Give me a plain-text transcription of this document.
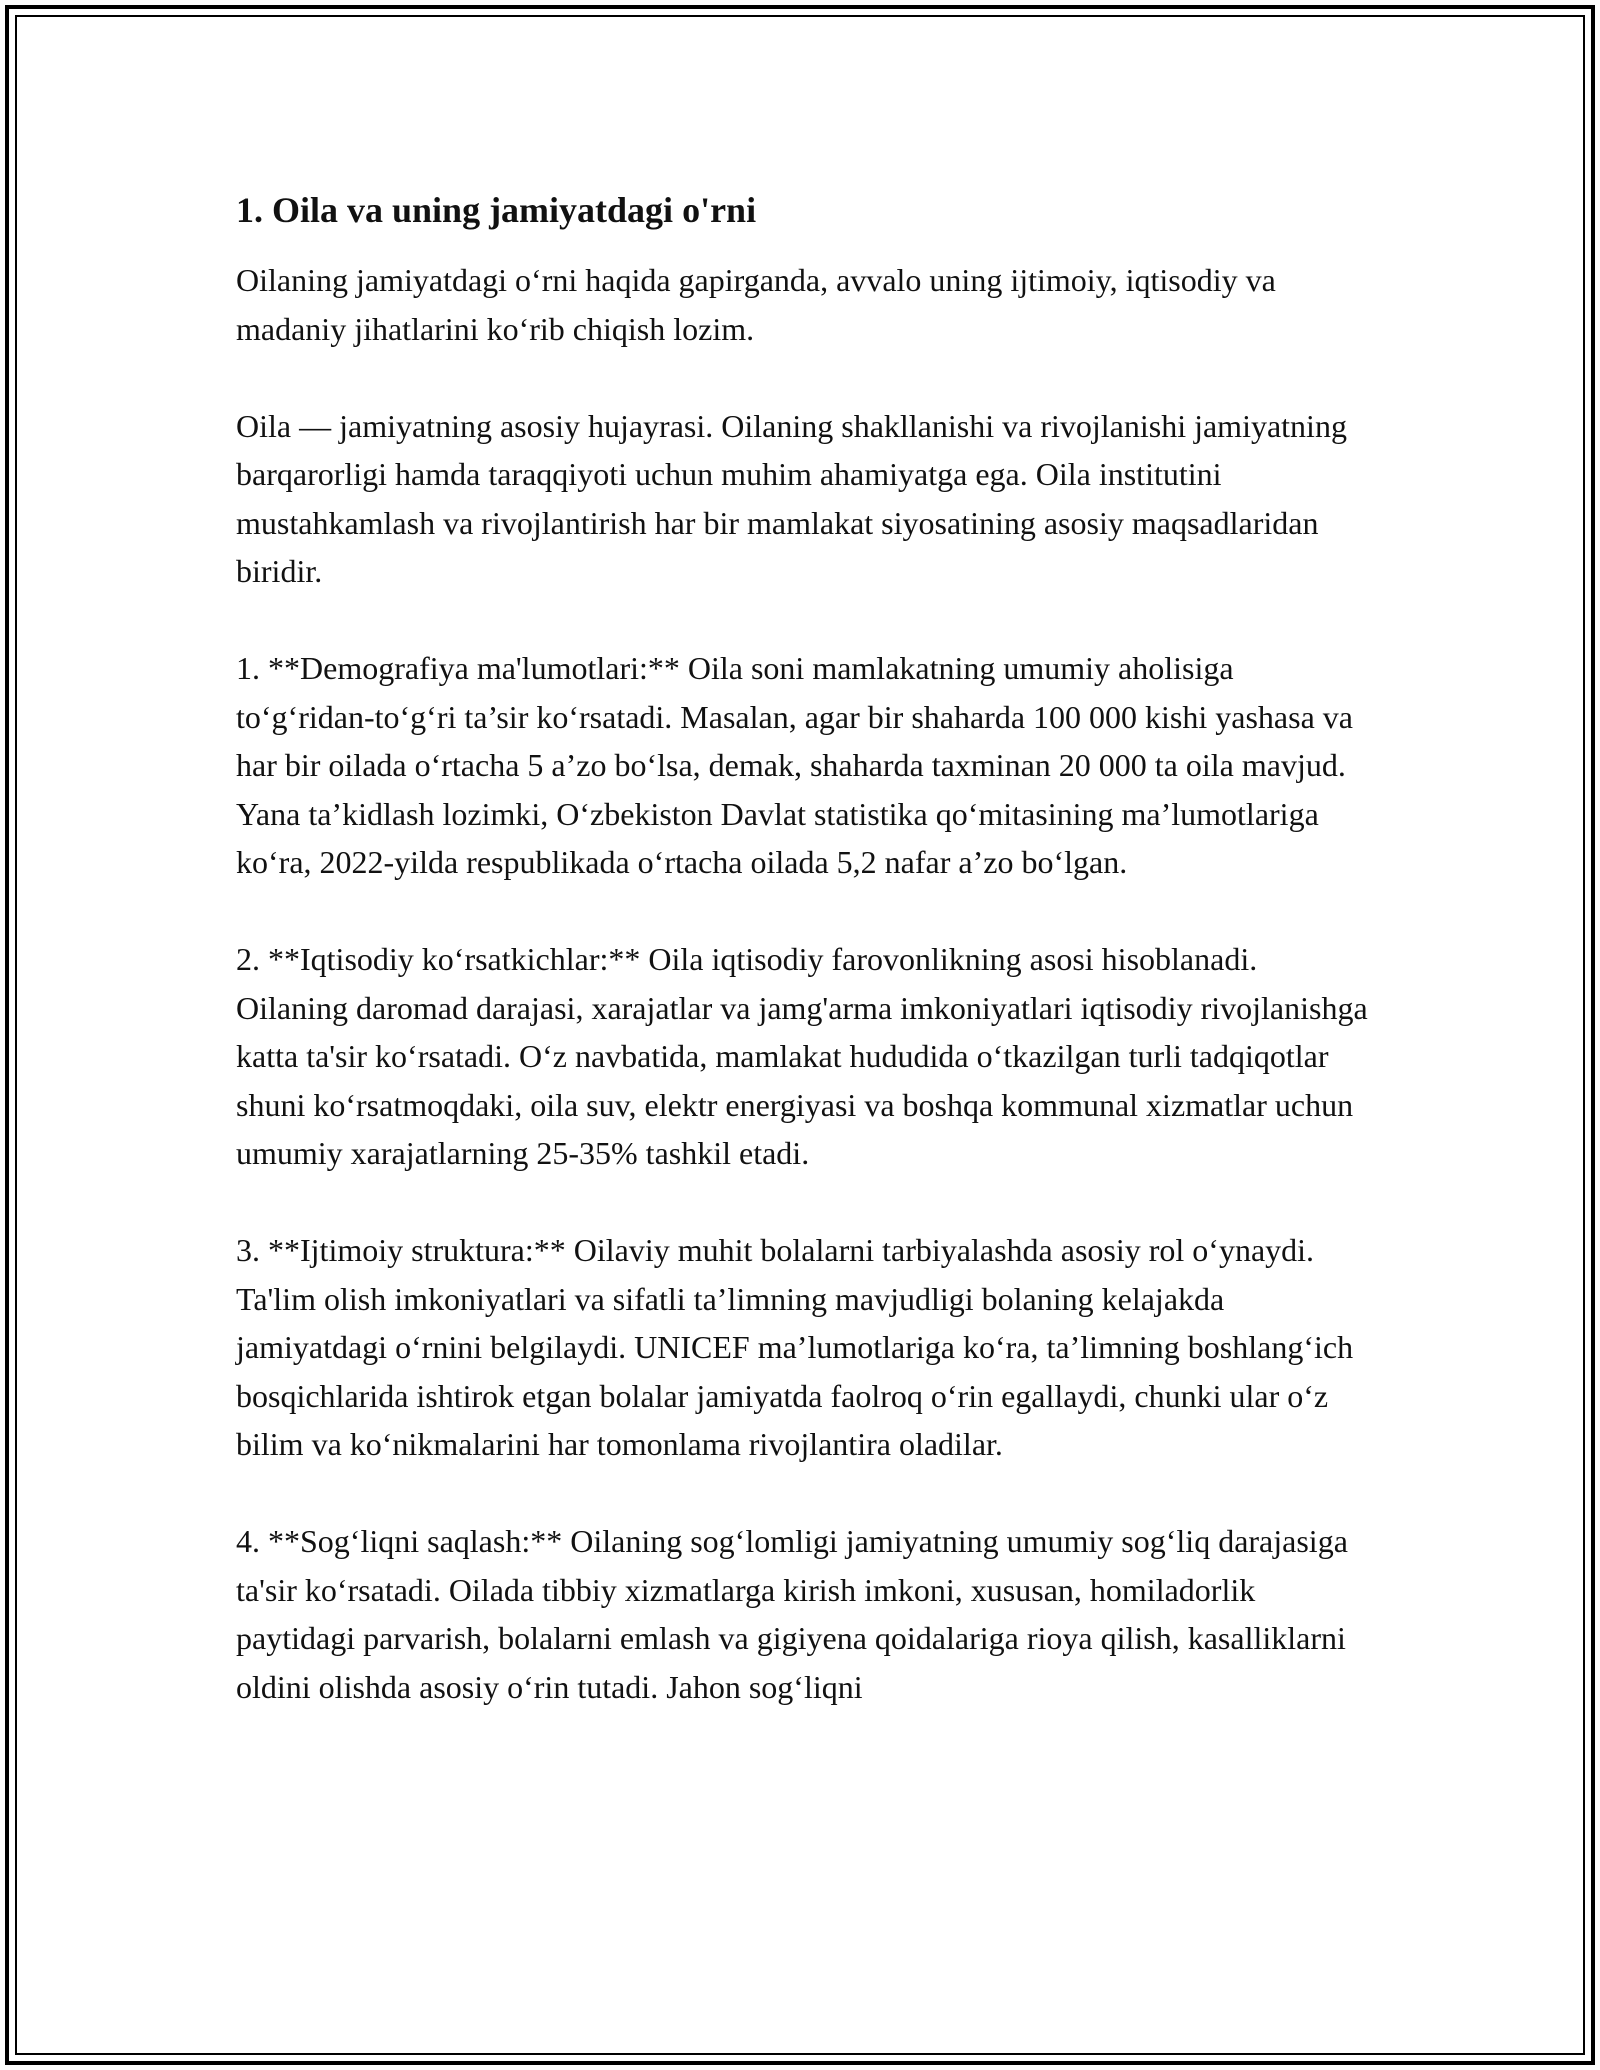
1. Oila va uning jamiyatdagi o'rni

Oilaning jamiyatdagi o‘rni haqida gapirganda, avvalo uning ijtimoiy, iqtisodiy va madaniy jihatlarini ko‘rib chiqish lozim.

Oila — jamiyatning asosiy hujayrasi. Oilaning shakllanishi va rivojlanishi jamiyatning barqarorligi hamda taraqqiyoti uchun muhim ahamiyatga ega. Oila institutini mustahkamlash va rivojlantirish har bir mamlakat siyosatining asosiy maqsadlaridan biridir.

1. **Demografiya ma'lumotlari:** Oila soni mamlakatning umumiy aholisiga to‘g‘ridan-to‘g‘ri ta’sir ko‘rsatadi. Masalan, agar bir shaharda 100 000 kishi yashasa va har bir oilada o‘rtacha 5 a’zo bo‘lsa, demak, shaharda taxminan 20 000 ta oila mavjud. Yana ta’kidlash lozimki, O‘zbekiston Davlat statistika qo‘mitasining ma’lumotlariga ko‘ra, 2022-yilda respublikada o‘rtacha oilada 5,2 nafar a’zo bo‘lgan.

2. **Iqtisodiy ko‘rsatkichlar:** Oila iqtisodiy farovonlikning asosi hisoblanadi. Oilaning daromad darajasi, xarajatlar va jamg'arma imkoniyatlari iqtisodiy rivojlanishga katta ta'sir ko‘rsatadi. O‘z navbatida, mamlakat hududida o‘tkazilgan turli tadqiqotlar shuni ko‘rsatmoqdaki, oila suv, elektr energiyasi va boshqa kommunal xizmatlar uchun umumiy xarajatlarning 25-35% tashkil etadi.

3. **Ijtimoiy struktura:** Oilaviy muhit bolalarni tarbiyalashda asosiy rol o‘ynaydi. Ta'lim olish imkoniyatlari va sifatli ta’limning mavjudligi bolaning kelajakda jamiyatdagi o‘rnini belgilaydi. UNICEF ma’lumotlariga ko‘ra, ta’limning boshlang‘ich bosqichlarida ishtirok etgan bolalar jamiyatda faolroq o‘rin egallaydi, chunki ular o‘z bilim va ko‘nikmalarini har tomonlama rivojlantira oladilar.

4. **Sog‘liqni saqlash:** Oilaning sog‘lomligi jamiyatning umumiy sog‘liq darajasiga ta'sir ko‘rsatadi. Oilada tibbiy xizmatlarga kirish imkoni, xususan, homiladorlik paytidagi parvarish, bolalarni emlash va gigiyena qoidalariga rioya qilish, kasalliklarni oldini olishda asosiy o‘rin tutadi. Jahon sog‘liqni
